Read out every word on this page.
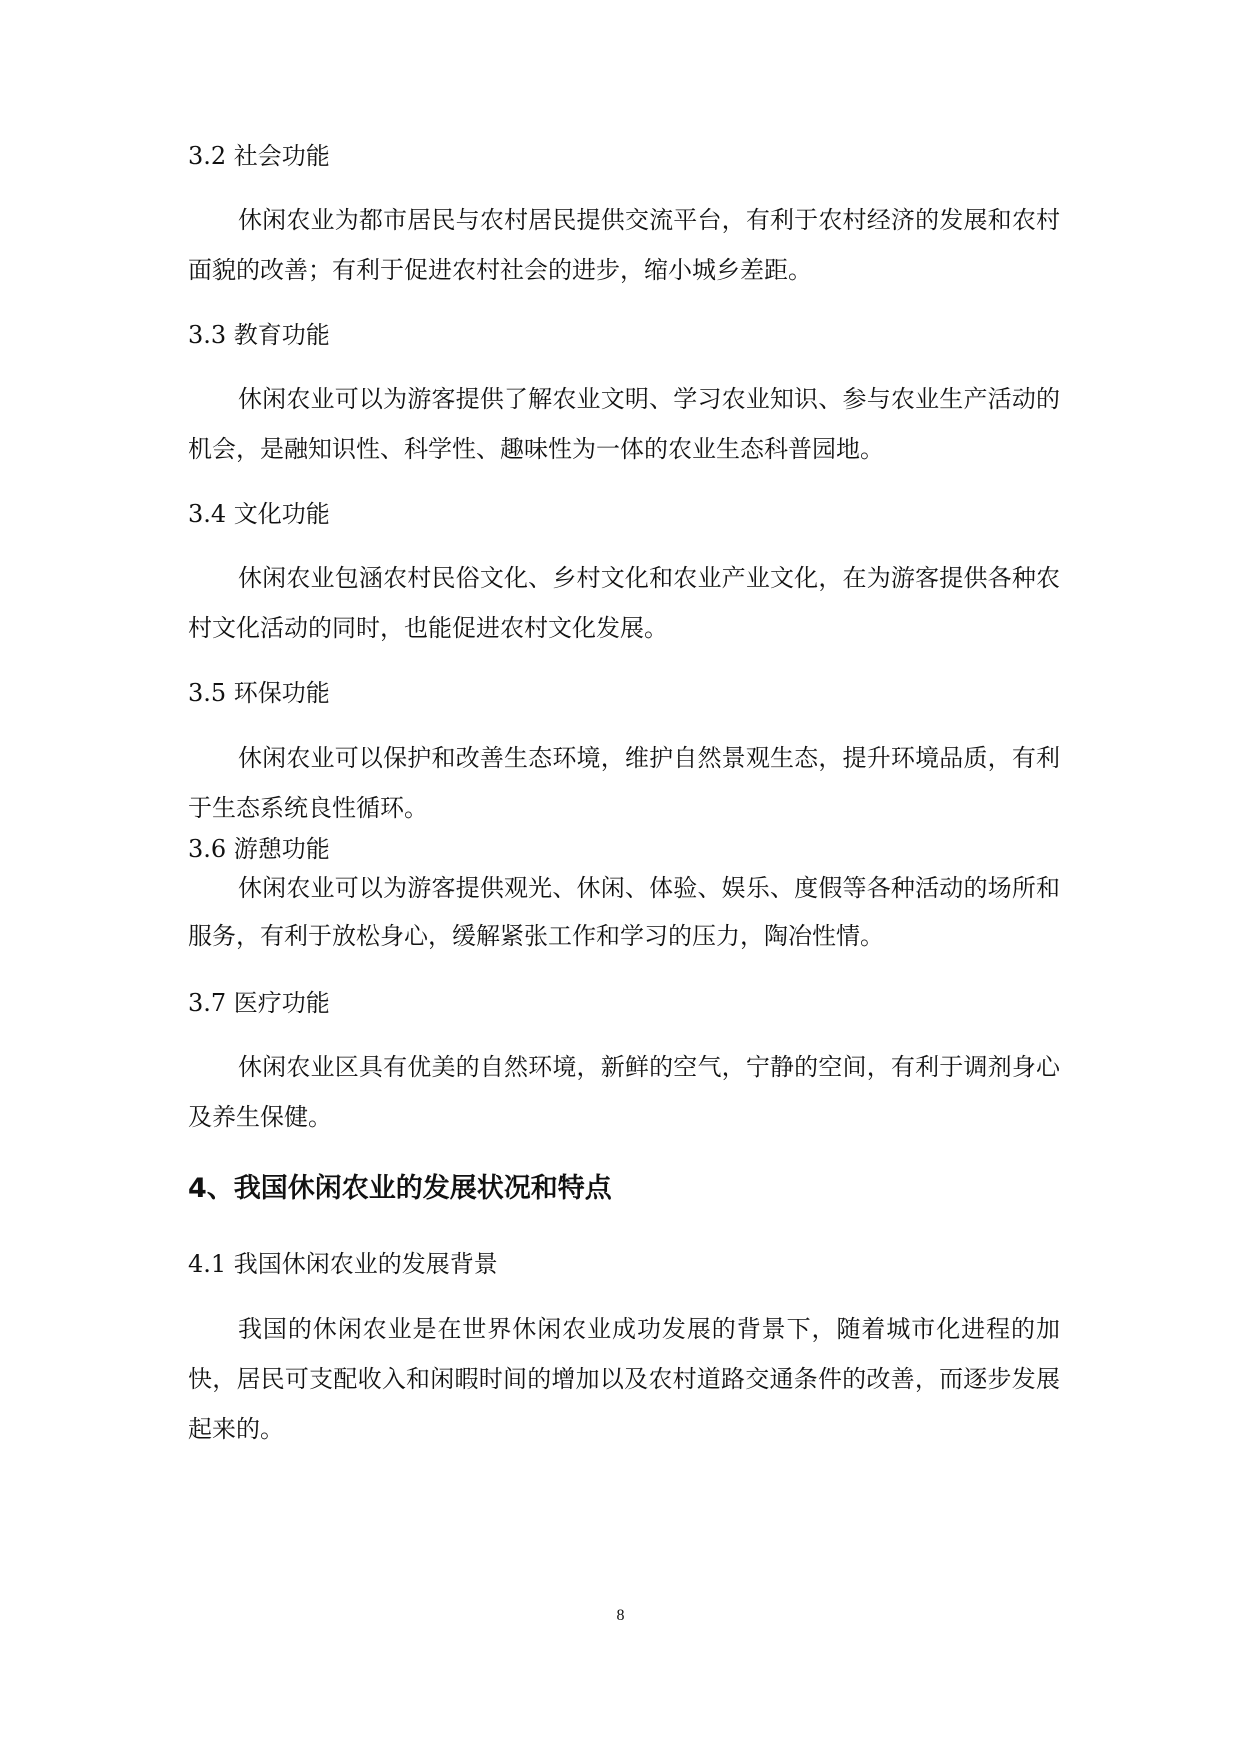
3.2 社会功能

休闲农业为都市居民与农村居民提供交流平台，有利于农村经济的发展和农村面貌的改善；有利于促进农村社会的进步，缩小城乡差距。

3.3 教育功能

休闲农业可以为游客提供了解农业文明、学习农业知识、参与农业生产活动的机会，是融知识性、科学性、趣味性为一体的农业生态科普园地。

3.4 文化功能

休闲农业包涵农村民俗文化、乡村文化和农业产业文化，在为游客提供各种农村文化活动的同时，也能促进农村文化发展。

3.5 环保功能

休闲农业可以保护和改善生态环境，维护自然景观生态，提升环境品质，有利于生态系统良性循环。

3.6 游憩功能

休闲农业可以为游客提供观光、休闲、体验、娱乐、度假等各种活动的场所和服务，有利于放松身心，缓解紧张工作和学习的压力，陶冶性情。

3.7 医疗功能

休闲农业区具有优美的自然环境，新鲜的空气，宁静的空间，有利于调剂身心及养生保健。

4、我国休闲农业的发展状况和特点
4.1 我国休闲农业的发展背景

我国的休闲农业是在世界休闲农业成功发展的背景下，随着城市化进程的加快，居民可支配收入和闲暇时间的增加以及农村道路交通条件的改善，而逐步发展起来的。

8
